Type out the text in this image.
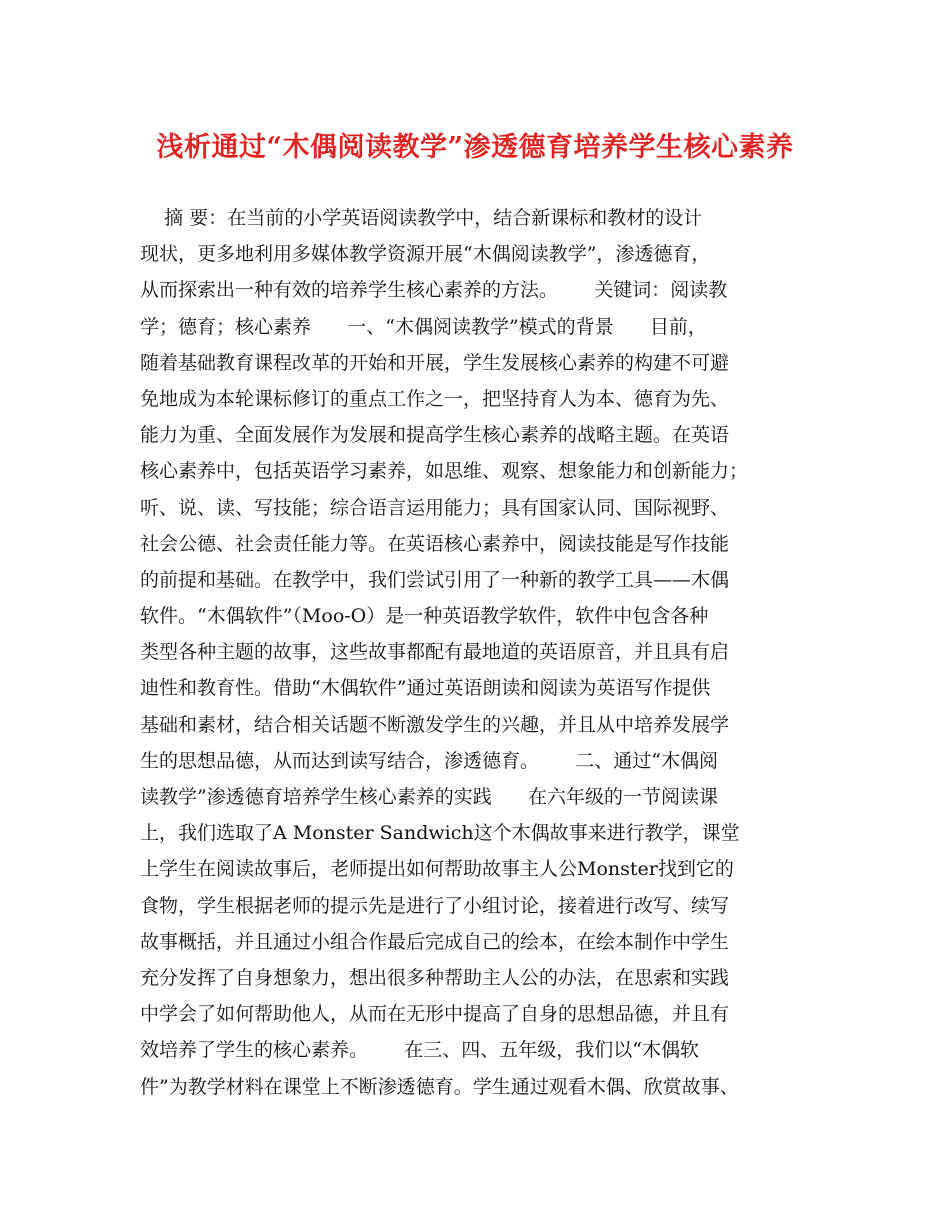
浅析通过“木偶阅读教学”渗透德育培养学生核心素养
摘 要：在当前的小学英语阅读教学中，结合新课标和教材的设计
现状，更多地利用多媒体教学资源开展“木偶阅读教学”，渗透德育，
从而探索出一种有效的培养学生核心素养的方法。      关键词：阅读教
学；德育；核心素养      一、“木偶阅读教学”模式的背景      目前，
随着基础教育课程改革的开始和开展，学生发展核心素养的构建不可避
免地成为本轮课标修订的重点工作之一，把坚持育人为本、德育为先、
能力为重、全面发展作为发展和提高学生核心素养的战略主题。在英语
核心素养中，包括英语学习素养，如思维、观察、想象能力和创新能力；
听、说、读、写技能；综合语言运用能力；具有国家认同、国际视野、
社会公德、社会责任能力等。在英语核心素养中，阅读技能是写作技能
的前提和基础。在教学中，我们尝试引用了一种新的教学工具——木偶
软件。“木偶软件”（Moo-O）是一种英语教学软件，软件中包含各种
类型各种主题的故事，这些故事都配有最地道的英语原音，并且具有启
迪性和教育性。借助“木偶软件”通过英语朗读和阅读为英语写作提供
基础和素材，结合相关话题不断激发学生的兴趣，并且从中培养发展学
生的思想品德，从而达到读写结合，渗透德育。      二、通过“木偶阅
读教学”渗透德育培养学生核心素养的实践      在六年级的一节阅读课
上，我们选取了A Monster Sandwich这个木偶故事来进行教学，课堂
上学生在阅读故事后，老师提出如何帮助故事主人公Monster找到它的
食物，学生根据老师的提示先是进行了小组讨论，接着进行改写、续写
故事概括，并且通过小组合作最后完成自己的绘本，在绘本制作中学生
充分发挥了自身想象力，想出很多种帮助主人公的办法，在思索和实践
中学会了如何帮助他人，从而在无形中提高了自身的思想品德，并且有
效培养了学生的核心素养。      在三、四、五年级，我们以“木偶软
件”为教学材料在课堂上不断渗透德育。学生通过观看木偶、欣赏故事、
